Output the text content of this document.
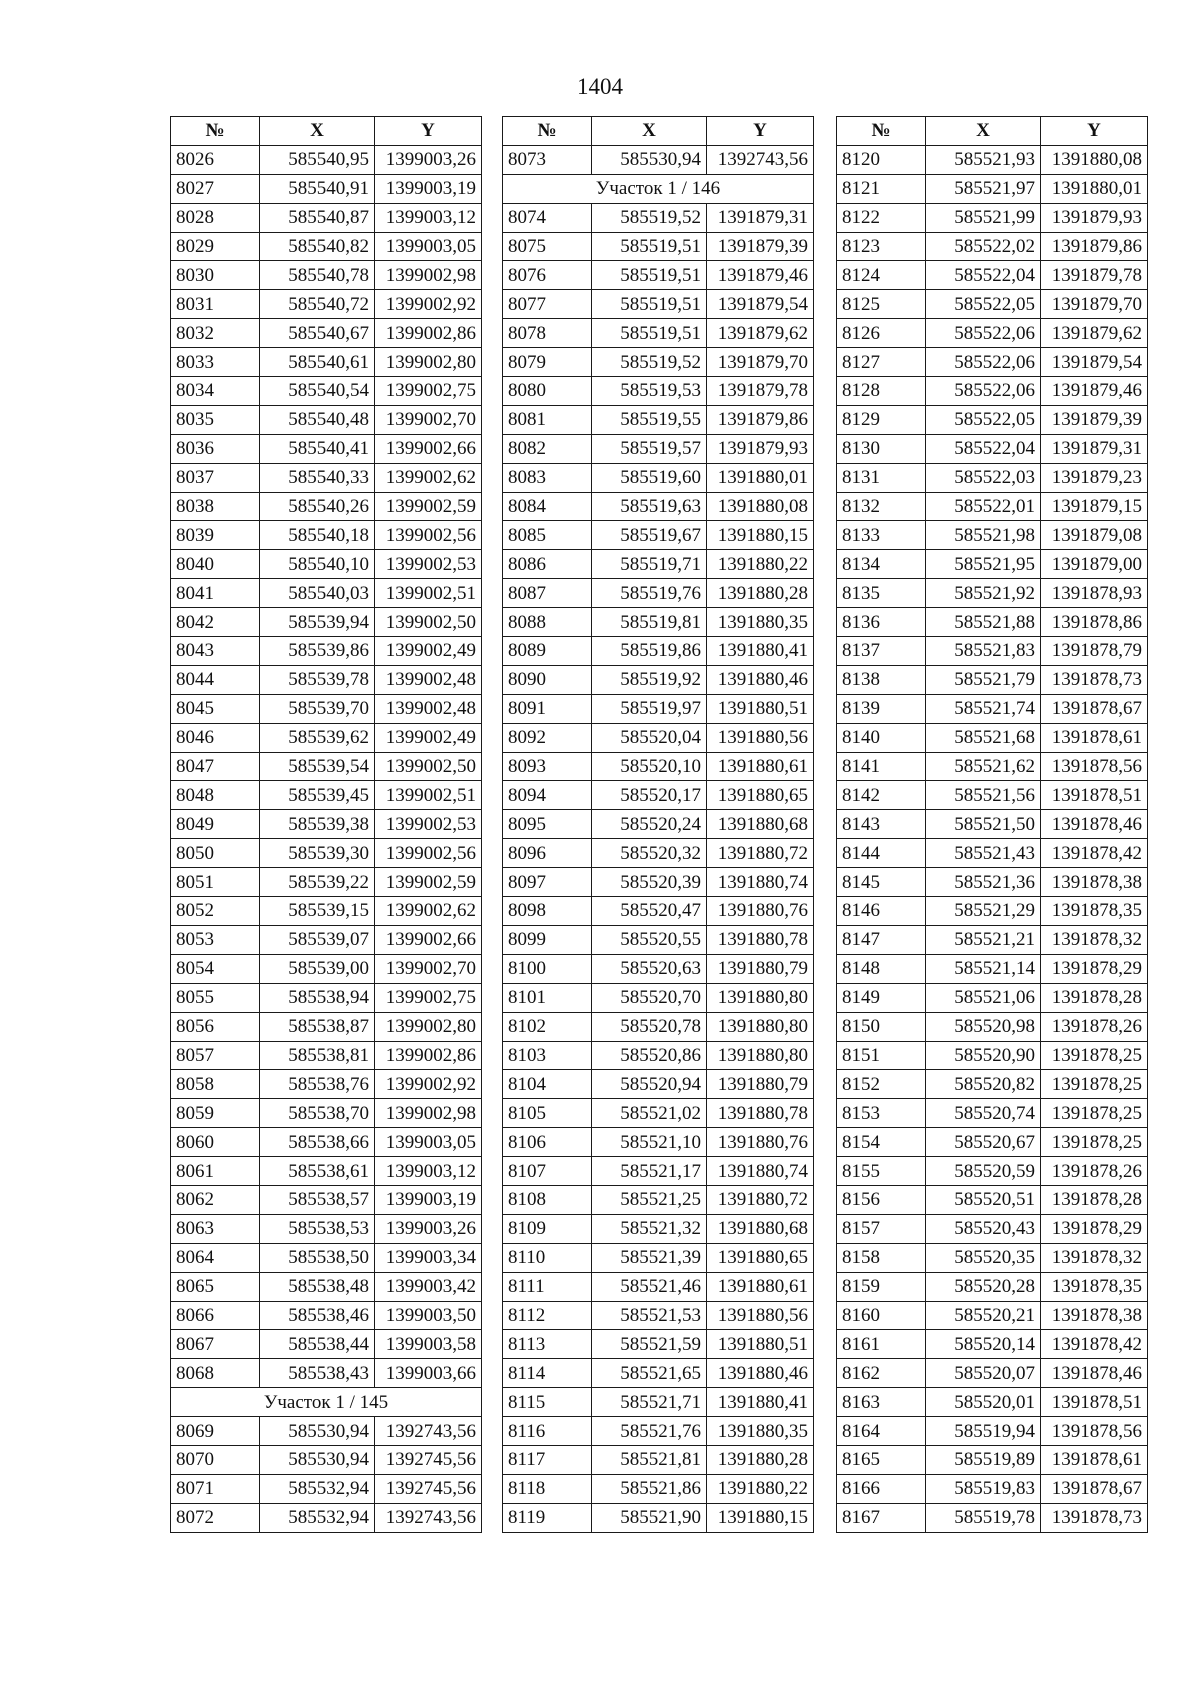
1404
№	X	Y
8026	585540,95	1399003,26
8027	585540,91	1399003,19
8028	585540,87	1399003,12
8029	585540,82	1399003,05
8030	585540,78	1399002,98
8031	585540,72	1399002,92
8032	585540,67	1399002,86
8033	585540,61	1399002,80
8034	585540,54	1399002,75
8035	585540,48	1399002,70
8036	585540,41	1399002,66
8037	585540,33	1399002,62
8038	585540,26	1399002,59
8039	585540,18	1399002,56
8040	585540,10	1399002,53
8041	585540,03	1399002,51
8042	585539,94	1399002,50
8043	585539,86	1399002,49
8044	585539,78	1399002,48
8045	585539,70	1399002,48
8046	585539,62	1399002,49
8047	585539,54	1399002,50
8048	585539,45	1399002,51
8049	585539,38	1399002,53
8050	585539,30	1399002,56
8051	585539,22	1399002,59
8052	585539,15	1399002,62
8053	585539,07	1399002,66
8054	585539,00	1399002,70
8055	585538,94	1399002,75
8056	585538,87	1399002,80
8057	585538,81	1399002,86
8058	585538,76	1399002,92
8059	585538,70	1399002,98
8060	585538,66	1399003,05
8061	585538,61	1399003,12
8062	585538,57	1399003,19
8063	585538,53	1399003,26
8064	585538,50	1399003,34
8065	585538,48	1399003,42
8066	585538,46	1399003,50
8067	585538,44	1399003,58
8068	585538,43	1399003,66
Участок 1 / 145		
8069	585530,94	1392743,56
8070	585530,94	1392745,56
8071	585532,94	1392745,56
8072	585532,94	1392743,56
№	X	Y
8073	585530,94	1392743,56
Участок 1 / 146		
8074	585519,52	1391879,31
8075	585519,51	1391879,39
8076	585519,51	1391879,46
8077	585519,51	1391879,54
8078	585519,51	1391879,62
8079	585519,52	1391879,70
8080	585519,53	1391879,78
8081	585519,55	1391879,86
8082	585519,57	1391879,93
8083	585519,60	1391880,01
8084	585519,63	1391880,08
8085	585519,67	1391880,15
8086	585519,71	1391880,22
8087	585519,76	1391880,28
8088	585519,81	1391880,35
8089	585519,86	1391880,41
8090	585519,92	1391880,46
8091	585519,97	1391880,51
8092	585520,04	1391880,56
8093	585520,10	1391880,61
8094	585520,17	1391880,65
8095	585520,24	1391880,68
8096	585520,32	1391880,72
8097	585520,39	1391880,74
8098	585520,47	1391880,76
8099	585520,55	1391880,78
8100	585520,63	1391880,79
8101	585520,70	1391880,80
8102	585520,78	1391880,80
8103	585520,86	1391880,80
8104	585520,94	1391880,79
8105	585521,02	1391880,78
8106	585521,10	1391880,76
8107	585521,17	1391880,74
8108	585521,25	1391880,72
8109	585521,32	1391880,68
8110	585521,39	1391880,65
8111	585521,46	1391880,61
8112	585521,53	1391880,56
8113	585521,59	1391880,51
8114	585521,65	1391880,46
8115	585521,71	1391880,41
8116	585521,76	1391880,35
8117	585521,81	1391880,28
8118	585521,86	1391880,22
8119	585521,90	1391880,15
№	X	Y
8120	585521,93	1391880,08
8121	585521,97	1391880,01
8122	585521,99	1391879,93
8123	585522,02	1391879,86
8124	585522,04	1391879,78
8125	585522,05	1391879,70
8126	585522,06	1391879,62
8127	585522,06	1391879,54
8128	585522,06	1391879,46
8129	585522,05	1391879,39
8130	585522,04	1391879,31
8131	585522,03	1391879,23
8132	585522,01	1391879,15
8133	585521,98	1391879,08
8134	585521,95	1391879,00
8135	585521,92	1391878,93
8136	585521,88	1391878,86
8137	585521,83	1391878,79
8138	585521,79	1391878,73
8139	585521,74	1391878,67
8140	585521,68	1391878,61
8141	585521,62	1391878,56
8142	585521,56	1391878,51
8143	585521,50	1391878,46
8144	585521,43	1391878,42
8145	585521,36	1391878,38
8146	585521,29	1391878,35
8147	585521,21	1391878,32
8148	585521,14	1391878,29
8149	585521,06	1391878,28
8150	585520,98	1391878,26
8151	585520,90	1391878,25
8152	585520,82	1391878,25
8153	585520,74	1391878,25
8154	585520,67	1391878,25
8155	585520,59	1391878,26
8156	585520,51	1391878,28
8157	585520,43	1391878,29
8158	585520,35	1391878,32
8159	585520,28	1391878,35
8160	585520,21	1391878,38
8161	585520,14	1391878,42
8162	585520,07	1391878,46
8163	585520,01	1391878,51
8164	585519,94	1391878,56
8165	585519,89	1391878,61
8166	585519,83	1391878,67
8167	585519,78	1391878,73
